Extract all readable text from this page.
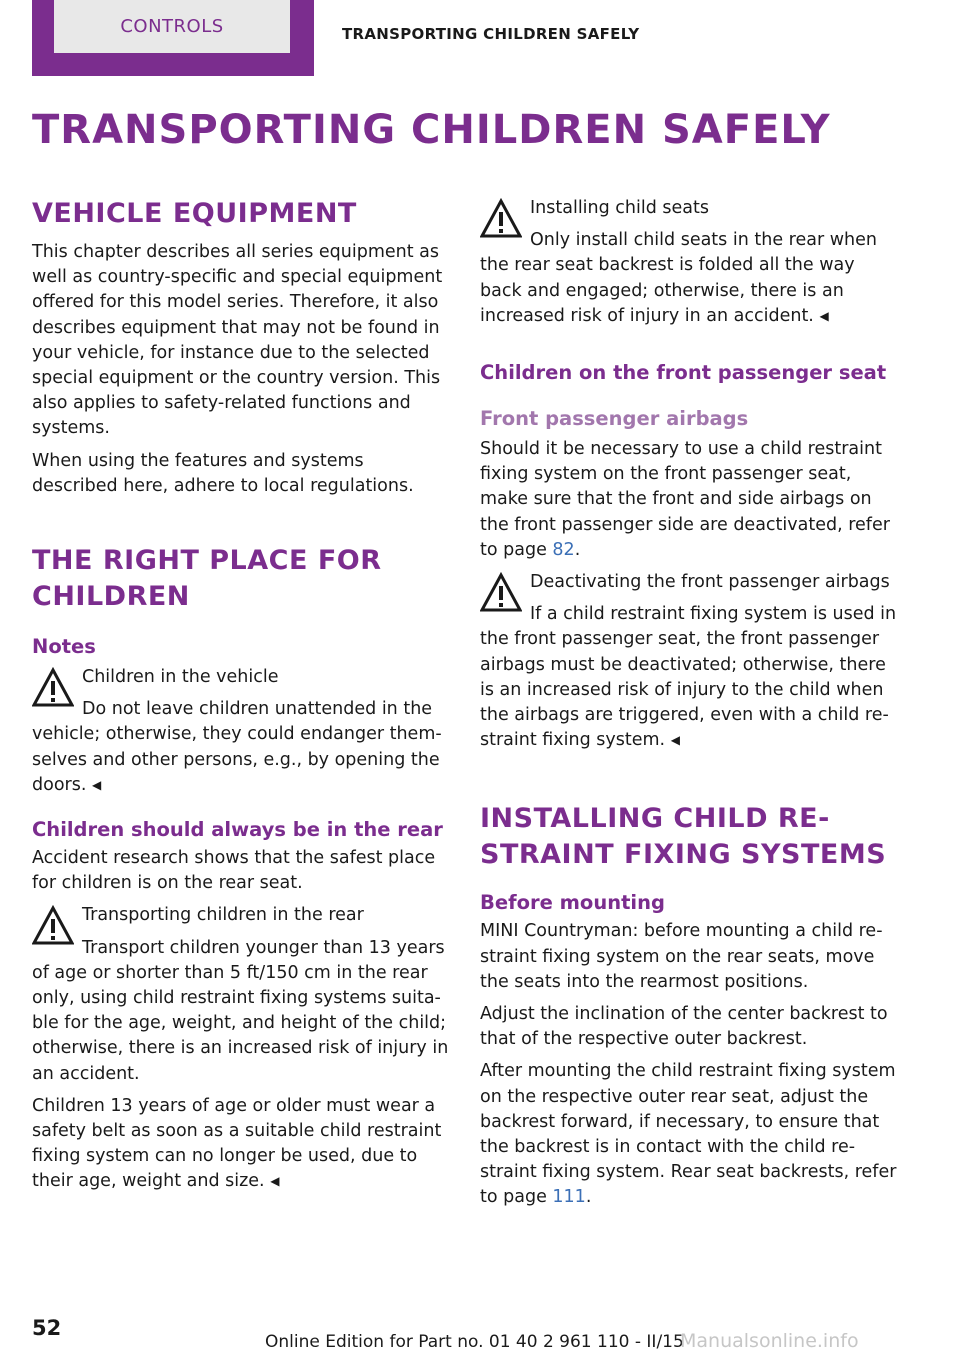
CONTROLS	TRANSPORTING CHILDREN SAFELY
TRANSPORTING CHILDREN SAFELY
VEHICLE EQUIPMENT

This chapter describes all series equipment as well as country-specific and special equipment offered for this model series. Therefore, it also describes equipment that may not be found in your vehicle, for instance due to the selected special equipment or the country version. This also applies to safety-related functions and systems.

When using the features and systems described here, adhere to local regulations.

THE RIGHT PLACE FOR CHILDREN
Notes
Children in the vehicle
Do not leave children unattended in the vehicle; otherwise, they could endanger themselves and other persons, e.g., by opening the doors. ◀
Children should always be in the rear

Accident research shows that the safest place for children is on the rear seat.

Transporting children in the rear
Transport children younger than 13 years of age or shorter than 5 ft/150 cm in the rear only, using child restraint fixing systems suitable for the age, weight, and height of the child; otherwise, there is an increased risk of injury in an accident.

Children 13 years of age or older must wear a safety belt as soon as a suitable child restraint fixing system can no longer be used, due to their age, weight and size. ◀

Installing child seats
Only install child seats in the rear when the rear seat backrest is folded all the way back and engaged; otherwise, there is an increased risk of injury in an accident. ◀
Children on the front passenger seat
Front passenger airbags

Should it be necessary to use a child restraint fixing system on the front passenger seat, make sure that the front and side airbags on the front passenger side are deactivated, refer to page 82.

Deactivating the front passenger airbags
If a child restraint fixing system is used in the front passenger seat, the front passenger airbags must be deactivated; otherwise, there is an increased risk of injury to the child when the airbags are triggered, even with a child restraint fixing system. ◀
INSTALLING CHILD RESTRAINT FIXING SYSTEMS
Before mounting

MINI Countryman: before mounting a child restraint fixing system on the rear seats, move the seats into the rearmost positions.

Adjust the inclination of the center backrest to that of the respective outer backrest.

After mounting the child restraint fixing system on the respective outer rear seat, adjust the backrest forward, if necessary, to ensure that the backrest is in contact with the child restraint fixing system. Rear seat backrests, refer to page 111.

52
Online Edition for Part no. 01 40 2 961 110 - II/15
Manualsonline.info
